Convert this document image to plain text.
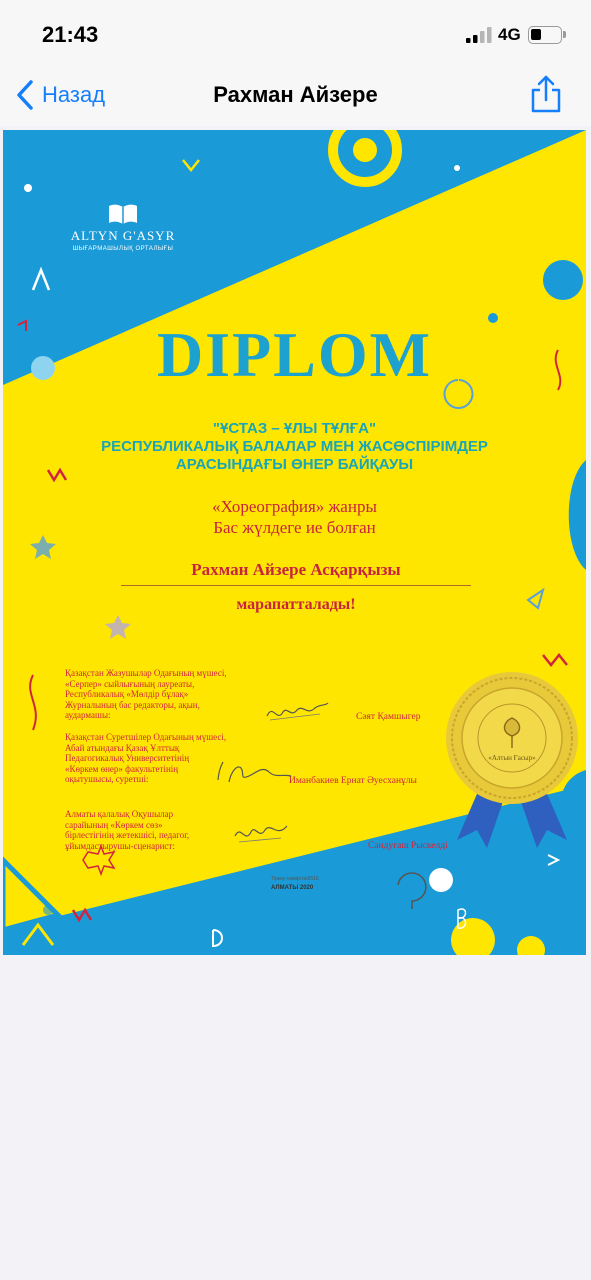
21:43	4G
Назад	Рахман Айзере
ALTYN G'ASYR
ШЫҒАРМАШЫЛЫҚ ОРТАЛЫҒЫ
DIPLOM
"ҰСТАЗ – ҰЛЫ ТҰЛҒА"
РЕСПУБЛИКАЛЫҚ БАЛАЛАР МЕН ЖАСӨСПІРІМДЕР
АРАСЫНДАҒЫ ӨНЕР БАЙҚАУЫ
«Хореография» жанры
Бас жүлдеге ие болған
Рахман Айзере Асқарқызы
марапатталады!
Қазақстан Жазушылар Одағының мүшесі,
«Серпер» сыйлығының лауреаты,
Республикалық «Мөлдір бұлақ»
Журналының бас редакторы, ақын,
аудармашы:	Сәят Қамшыгер
Қазақстан Суретшілер Одағының мүшесі,
Абай атындағы Қазақ Ұлттық
Педагогикалық Университетінің
«Көркем өнер» факультетінің
оқытушысы, суретші:	Иманбакиев Ернат Әуесханұлы
Алматы қалалық Оқушылар
сарайының «Көркем сөз»
бірлестігінің жетекшісі, педагог,
ұйымдастырушы-сценарист:	Сандуғаш Рыскелді
Тіркеу нөмірі №5516
АЛМАТЫ 2020
«Алтын Ғасыр»
